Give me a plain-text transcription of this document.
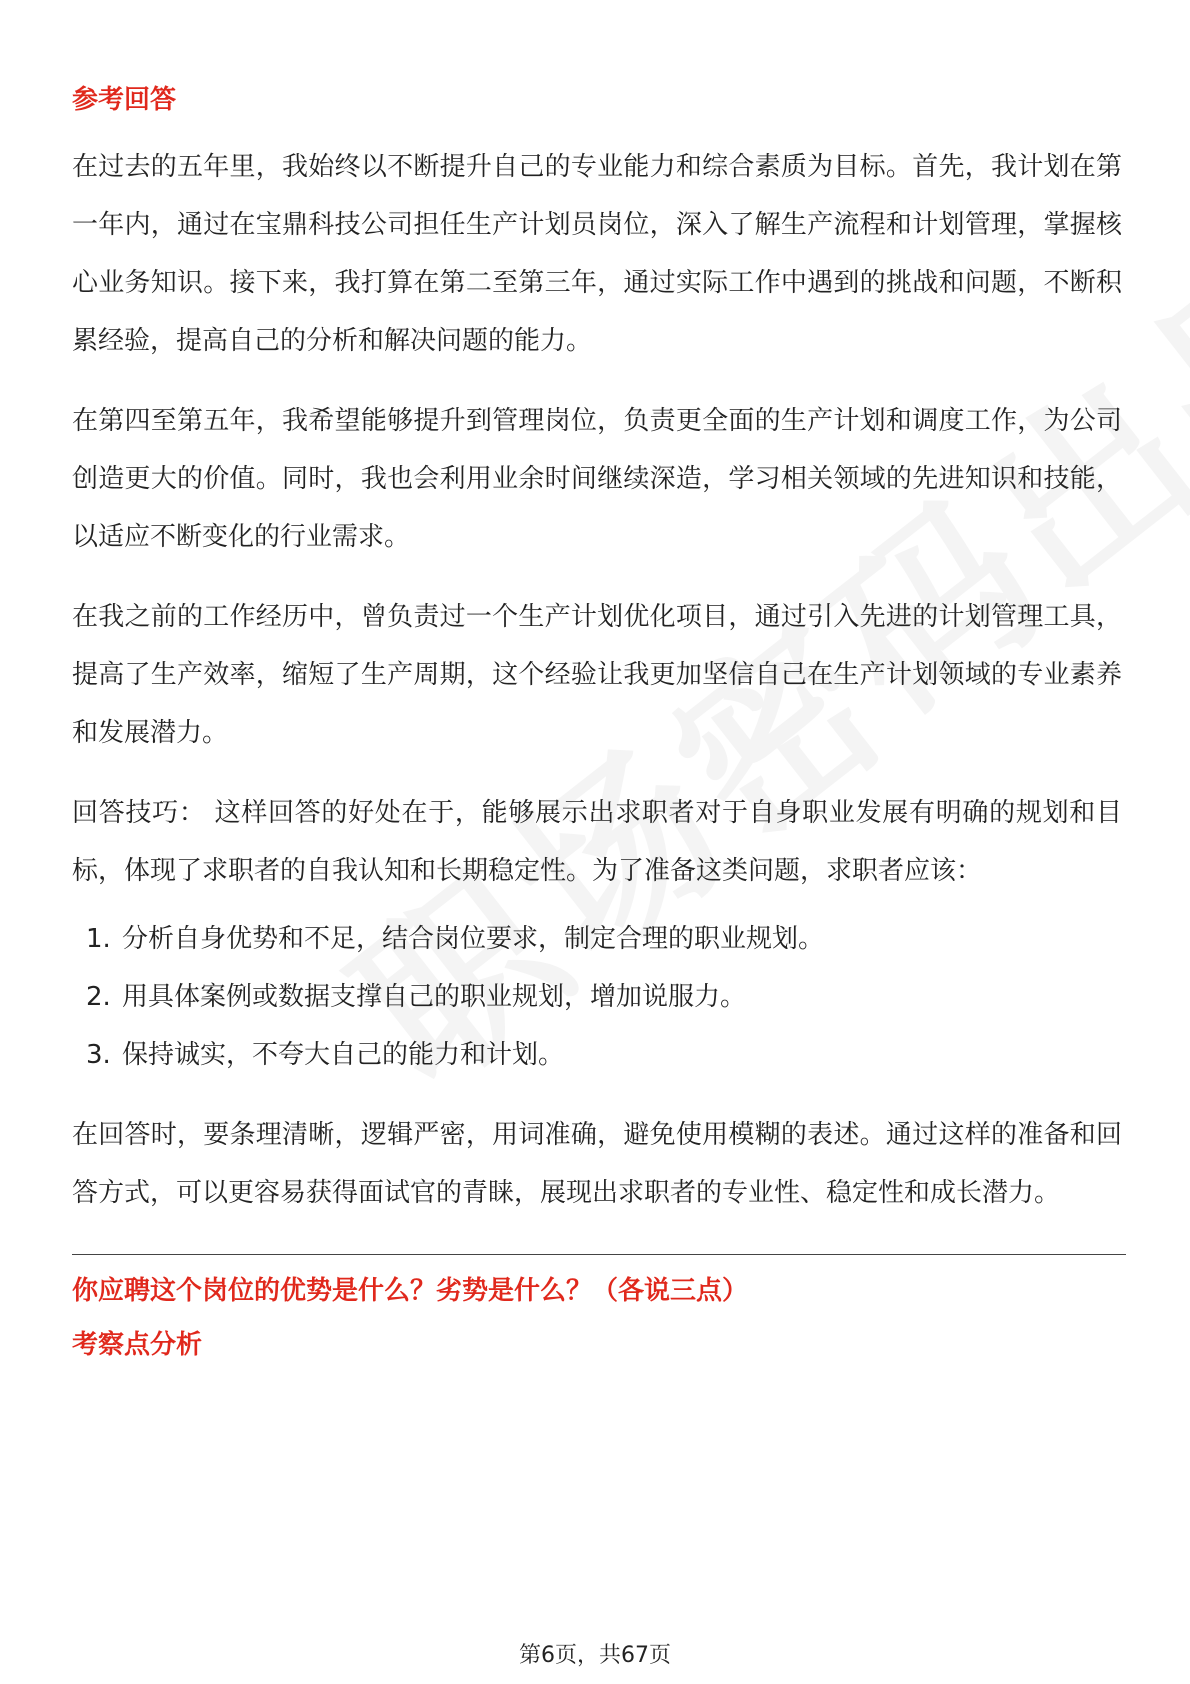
参考回答

在过去的五年里，我始终以不断提升自己的专业能力和综合素质为目标。首先，我计划在第一年内，通过在宝鼎科技公司担任生产计划员岗位，深入了解生产流程和计划管理，掌握核心业务知识。接下来，我打算在第二至第三年，通过实际工作中遇到的挑战和问题，不断积累经验，提高自己的分析和解决问题的能力。

在第四至第五年，我希望能够提升到管理岗位，负责更全面的生产计划和调度工作，为公司创造更大的价值。同时，我也会利用业余时间继续深造，学习相关领域的先进知识和技能，以适应不断变化的行业需求。

在我之前的工作经历中，曾负责过一个生产计划优化项目，通过引入先进的计划管理工具，提高了生产效率，缩短了生产周期，这个经验让我更加坚信自己在生产计划领域的专业素养和发展潜力。

回答技巧： 这样回答的好处在于，能够展示出求职者对于自身职业发展有明确的规划和目标，体现了求职者的自我认知和长期稳定性。为了准备这类问题，求职者应该：

1. 分析自身优势和不足，结合岗位要求，制定合理的职业规划。
2. 用具体案例或数据支撑自己的职业规划，增加说服力。
3. 保持诚实，不夸大自己的能力和计划。

在回答时，要条理清晰，逻辑严密，用词准确，避免使用模糊的表述。通过这样的准备和回答方式，可以更容易获得面试官的青睐，展现出求职者的专业性、稳定性和成长潜力。

你应聘这个岗位的优势是什么？劣势是什么？（各说三点）

考察点分析

第6页，共67页
